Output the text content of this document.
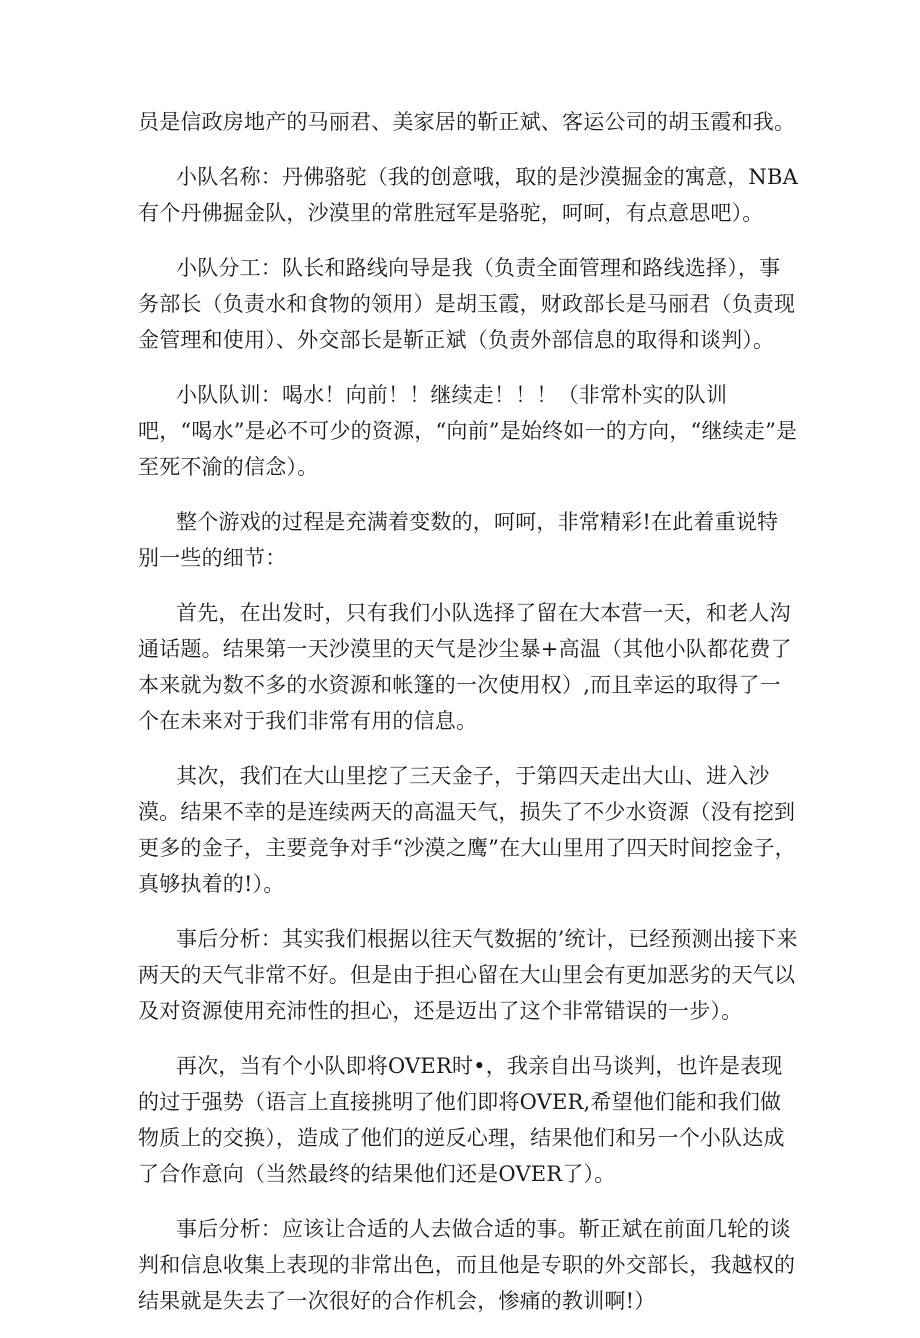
员是信政房地产的马丽君、美家居的靳正斌、客运公司的胡玉霞和我。

小队名称：丹佛骆驼（我的创意哦，取的是沙漠掘金的寓意，NBA有个丹佛掘金队，沙漠里的常胜冠军是骆驼，呵呵，有点意思吧）。

小队分工：队长和路线向导是我（负责全面管理和路线选择），事务部长（负责水和食物的领用）是胡玉霞，财政部长是马丽君（负责现金管理和使用）、外交部长是靳正斌（负责外部信息的取得和谈判）。

小队队训：喝水！向前！！继续走！！！（非常朴实的队训吧，“喝水”是必不可少的资源，“向前”是始终如一的方向，“继续走”是至死不渝的信念）。

整个游戏的过程是充满着变数的，呵呵，非常精彩!在此着重说特别一些的细节：

首先，在出发时，只有我们小队选择了留在大本营一天，和老人沟通话题。结果第一天沙漠里的天气是沙尘暴+高温（其他小队都花费了本来就为数不多的水资源和帐篷的一次使用权）,而且幸运的取得了一个在未来对于我们非常有用的信息。

其次，我们在大山里挖了三天金子，于第四天走出大山、进入沙漠。结果不幸的是连续两天的高温天气，损失了不少水资源（没有挖到更多的金子，主要竞争对手“沙漠之鹰”在大山里用了四天时间挖金子，真够执着的!）。

事后分析：其实我们根据以往天气数据的’统计，已经预测出接下来两天的天气非常不好。但是由于担心留在大山里会有更加恶劣的天气以及对资源使用充沛性的担心，还是迈出了这个非常错误的一步）。

再次，当有个小队即将OVER时•，我亲自出马谈判，也许是表现的过于强势（语言上直接挑明了他们即将OVER,希望他们能和我们做物质上的交换），造成了他们的逆反心理，结果他们和另一个小队达成了合作意向（当然最终的结果他们还是OVER了）。

事后分析：应该让合适的人去做合适的事。靳正斌在前面几轮的谈判和信息收集上表现的非常出色，而且他是专职的外交部长，我越权的结果就是失去了一次很好的合作机会，惨痛的教训啊!）
